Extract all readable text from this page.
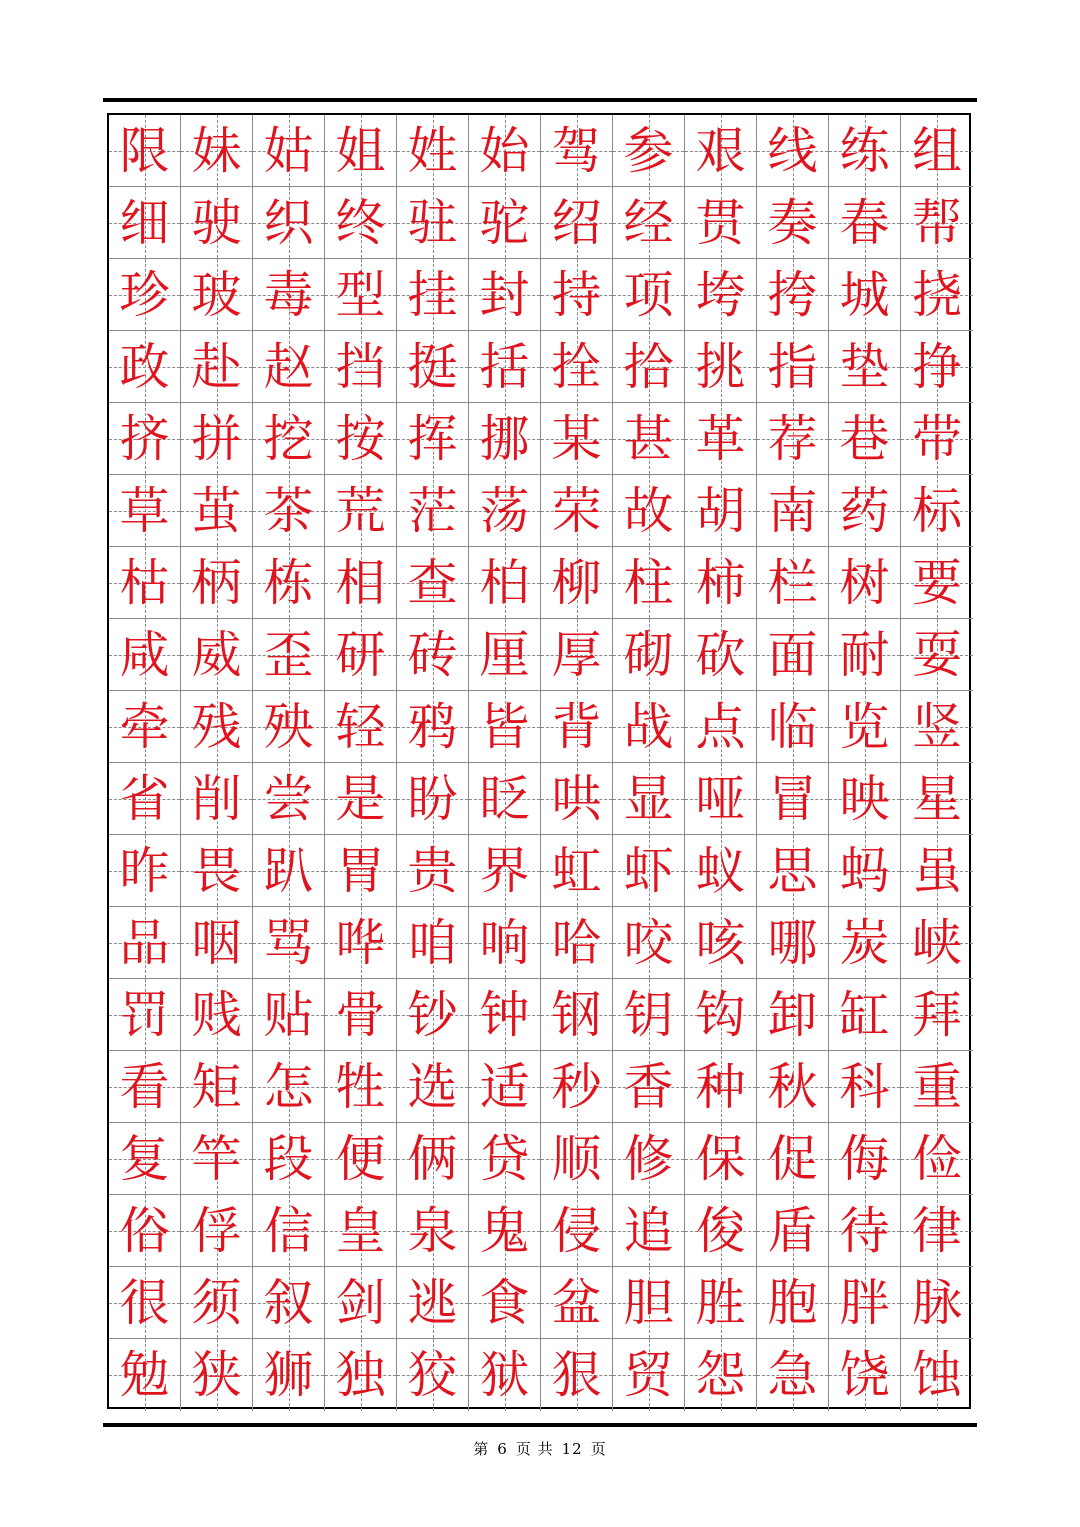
限 妹 姑 姐 姓 始 驾 参 艰 线 练 组
细 驶 织 终 驻 驼 绍 经 贯 奏 春 帮
珍 玻 毒 型 挂 封 持 项 垮 挎 城 挠
政 赴 赵 挡 挺 括 拴 拾 挑 指 垫 挣
挤 拼 挖 按 挥 挪 某 甚 革 荐 巷 带
草 茧 茶 荒 茫 荡 荣 故 胡 南 药 标
枯 柄 栋 相 查 柏 柳 柱 柿 栏 树 要
咸 威 歪 研 砖 厘 厚 砌 砍 面 耐 耍
牵 残 殃 轻 鸦 皆 背 战 点 临 览 竖
省 削 尝 是 盼 眨 哄 显 哑 冒 映 星
昨 畏 趴 胃 贵 界 虹 虾 蚁 思 蚂 虽
品 咽 骂 哗 咱 响 哈 咬 咳 哪 炭 峡
罚 贱 贴 骨 钞 钟 钢 钥 钩 卸 缸 拜
看 矩 怎 牲 选 适 秒 香 种 秋 科 重
复 竿 段 便 俩 贷 顺 修 保 促 侮 俭
俗 俘 信 皇 泉 鬼 侵 追 俊 盾 待 律
很 须 叙 剑 逃 食 盆 胆 胜 胞 胖 脉
勉 狭 狮 独 狡 狱 狠 贸 怨 急 饶 蚀
第 6 页 共 12 页
